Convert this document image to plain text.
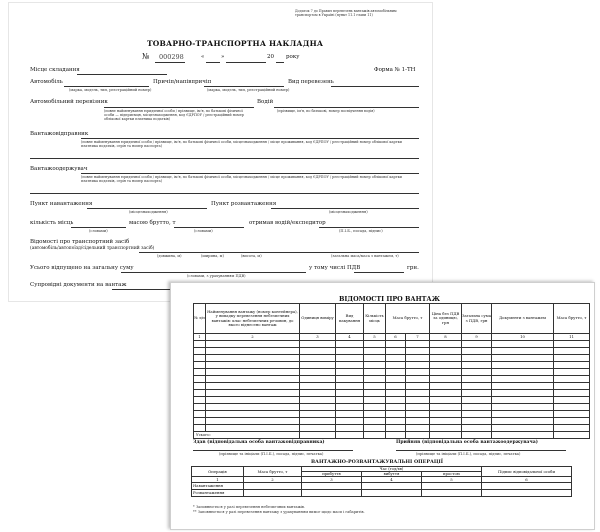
Додаток 7 до Правил перевезень вантажів автомобільним транспортом в Україні (пункт 11.1 глави 11)
ТОВАРНО-ТРАНСПОРТНА НАКЛАДНА
№ 000298	«	»	20 року
Місце складання	Форма № 1-ТН
Автомобіль	Причіп/напівпричіп	Вид перевезень
(марка, модель, тип, реєстраційний номер)	(марка, модель, тип, реєстраційний номер)
Автомобільний перевізник	Водій
(повне найменування юридичної особи / прізвище, ім'я, по батькові фізичної особи — підприємця, місцезнаходження, код ЄДРПОУ / реєстраційний номер облікової картки платника податків)
(прізвище, ім'я, по батькові, номер посвідчення водія)
Вантажовідправник
(повне найменування юридичної особи / прізвище, ім'я, по батькові фізичної особи, місцезнаходження / місце проживання, код ЄДРПОУ / реєстраційний номер облікової картки платника податків, серія та номер паспорта)
Вантажоодержувач
(повне найменування юридичної особи / прізвище, ім'я, по батькові фізичної особи, місцезнаходження / місце проживання, код ЄДРПОУ / реєстраційний номер облікової картки платника податків, серія та номер паспорта)
Пункт навантаження	Пункт розвантаження
(місцезнаходження)	(місцезнаходження)
кількість місць	масою брутто, т	отримав водій/експедитор
(словами)	(словами)	(П.І.Б., посада, підпис)
Відомості про транспортний засіб
(автомобіль/автопоїзд/сідельний транспортний засіб)
(довжина, м)	(ширина, м)	(висота, м)	(загальна маса/маса з вантажем, т)
Усього відпущено на загальну суму	у тому числі ПДВ	грн.
(словами, з урахуванням ПДВ)
Супровідні документи на вантаж
ВІДОМОСТІ ПРО ВАНТАЖ
№ з/п	Найменування вантажу (номер контейнера), у випадку перевезення небезпечних вантажів: клас небезпечних речовин, до якого віднесено вантаж	Одиниця виміру	Вид пакування	Кількість місць	Маса брутто, т		Ціна без ПДВ за одиницю, грн	Загальна сума з ПДВ, грн	Документи з вантажем	Маса брутто, т
1	2	3	4	5	6	7	8	9	10	11

Усього:										
Здав (відповідальна особа вантажовідправника)
(прізвище та ініціали (П.І.Б.), посада, підпис, печатка)
Прийняв (відповідальна особа вантажоодержувача)
(прізвище та ініціали (П.І.Б.), посада, підпис, печатка)
ВАНТАЖНО-РОЗВАНТАЖУВАЛЬНІ ОПЕРАЦІЇ
Операція	Маса брутто, т	Час (год/хв)			Підпис відповідальної особи
		прибуття	вибуття	простою	
1	2	3	4	5	6
Навантаження					
Розвантаження					
* Заповнюється у разі перевезення небезпечних вантажів.
** Заповнюється у разі перевезення вантажу з урахуванням вимог щодо маси і габаритів.
